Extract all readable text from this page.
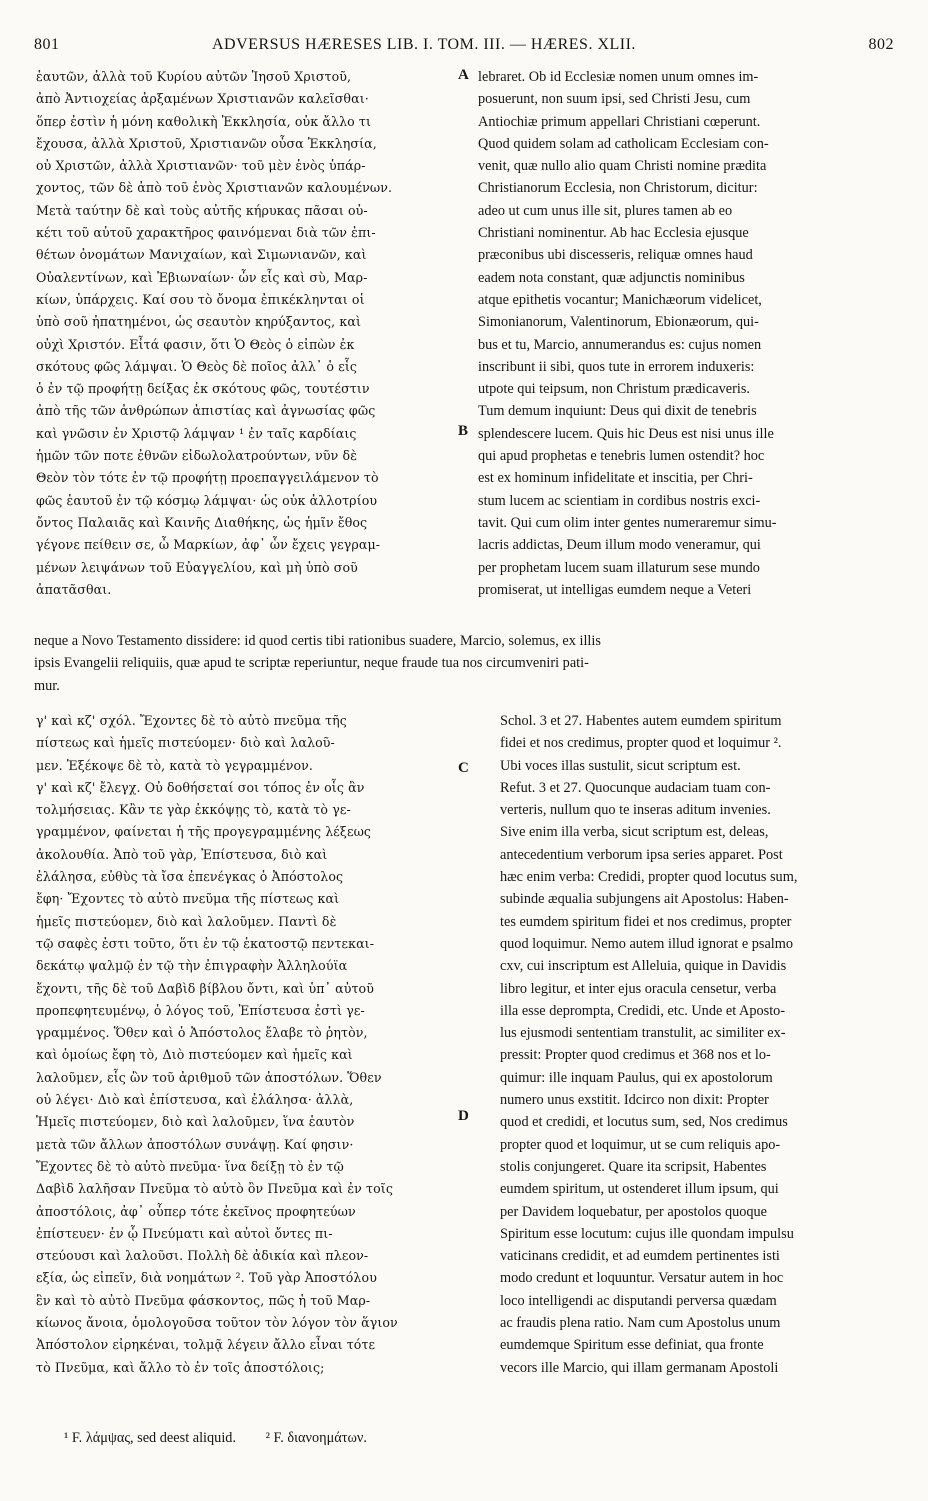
801	ADVERSUS HÆRESES LIB. I. TOM. III. — HÆRES. XLII.	802
ἑαυτῶν, ἀλλὰ τοῦ Κυρίου αὐτῶν Ἰησοῦ Χριστοῦ,
ἀπὸ Ἀντιοχείας ἀρξαμένων Χριστιανῶν καλεῖσθαι·
ὅπερ ἐστὶν ἡ μόνη καθολικὴ Ἐκκλησία, οὐκ ἄλλο τι
ἔχουσα, ἀλλὰ Χριστοῦ, Χριστιανῶν οὖσα Ἐκκλησία,
οὐ Χριστῶν, ἀλλὰ Χριστιανῶν· τοῦ μὲν ἑνὸς ὑπάρ-
χοντος, τῶν δὲ ἀπὸ τοῦ ἑνὸς Χριστιανῶν καλουμένων.
Μετὰ ταύτην δὲ καὶ τοὺς αὐτῆς κήρυκας πᾶσαι οὐ-
κέτι τοῦ αὐτοῦ χαρακτῆρος φαινόμεναι διὰ τῶν ἐπι-
θέτων ὀνομάτων Μανιχαίων, καὶ Σιμωνιανῶν, καὶ
Οὐαλεντίνων, καὶ Ἐβιωναίων· ὧν εἷς καὶ σὺ, Μαρ-
κίων, ὑπάρχεις. Καί σου τὸ ὄνομα ἐπικέκληνται οἱ
ὑπὸ σοῦ ἠπατημένοι, ὡς σεαυτὸν κηρύξαντος, καὶ
οὐχὶ Χριστόν. Εἶτά φασιν, ὅτι Ὁ Θεὸς ὁ εἰπὼν ἐκ
σκότους φῶς λάμψαι. Ὁ Θεὸς δὲ ποῖος ἀλλ᾽ ὁ εἷς
ὁ ἐν τῷ προφήτῃ δείξας ἐκ σκότους φῶς, τουτέστιν
ἀπὸ τῆς τῶν ἀνθρώπων ἀπιστίας καὶ ἀγνωσίας φῶς
καὶ γνῶσιν ἐν Χριστῷ λάμψαν ¹ ἐν ταῖς καρδίαις
ἡμῶν τῶν ποτε ἐθνῶν εἰδωλολατρούντων, νῦν δὲ
Θεὸν τὸν τότε ἐν τῷ προφήτῃ προεπαγγειλάμενον τὸ
φῶς ἑαυτοῦ ἐν τῷ κόσμῳ λάμψαι· ὡς οὐκ ἀλλοτρίου
ὄντος Παλαιᾶς καὶ Καινῆς Διαθήκης, ὡς ἡμῖν ἔθος
γέγονε πείθειν σε, ὦ Μαρκίων, ἀφ᾽ ὧν ἔχεις γεγραμ-
μένων λειψάνων τοῦ Εὐαγγελίου, καὶ μὴ ὑπὸ σοῦ
ἀπατᾶσθαι.
lebraret. Ob id Ecclesiæ nomen unum omnes im-
posuerunt, non suum ipsi, sed Christi Jesu, cum
Antiochiæ primum appellari Christiani cœperunt.
Quod quidem solam ad catholicam Ecclesiam con-
venit, quæ nullo alio quam Christi nomine prædita
Christianorum Ecclesia, non Christorum, dicitur:
adeo ut cum unus ille sit, plures tamen ab eo
Christiani nominentur. Ab hac Ecclesia ejusque
præconibus ubi discesseris, reliquæ omnes haud
eadem nota constant, quæ adjunctis nominibus
atque epithetis vocantur; Manichæorum videlicet,
Simonianorum, Valentinorum, Ebionæorum, qui-
bus et tu, Marcio, annumerandus es: cujus nomen
inscribunt ii sibi, quos tute in errorem induxeris:
utpote qui teipsum, non Christum prædicaveris.
Tum demum inquiunt: Deus qui dixit de tenebris
splendescere lucem. Quis hic Deus est nisi unus ille
qui apud prophetas e tenebris lumen ostendit? hoc
est ex hominum infidelitate et inscitia, per Chri-
stum lucem ac scientiam in cordibus nostris exci-
tavit. Qui cum olim inter gentes numeraremur simu-
lacris addictas, Deum illum modo veneramur, qui
per prophetam lucem suam illaturum sese mundo
promiserat, ut intelligas eumdem neque a Veteri
A
B
C
D
neque a Novo Testamento dissidere: id quod certis tibi rationibus suadere, Marcio, solemus, ex illis
ipsis Evangelii reliquiis, quæ apud te scriptæ reperiuntur, neque fraude tua nos circumveniri pati-
mur.
γ' καὶ κζ' σχόλ. Ἔχοντες δὲ τὸ αὐτὸ πνεῦμα τῆς
πίστεως καὶ ἡμεῖς πιστεύομεν· διὸ καὶ λαλοῦ-
μεν. Ἐξέκοψε δὲ τὸ, κατὰ τὸ γεγραμμένον.
γ' καὶ κζ' ἔλεγχ. Οὐ δοθήσεταί σοι τόπος ἐν οἷς ἂν
τολμήσειας. Κἂν τε γὰρ ἐκκόψῃς τὸ, κατὰ τὸ γε-
γραμμένον, φαίνεται ἡ τῆς προγεγραμμένης λέξεως
ἀκολουθία. Ἀπὸ τοῦ γὰρ, Ἐπίστευσα, διὸ καὶ
ἐλάλησα, εὐθὺς τὰ ἴσα ἐπενέγκας ὁ Ἀπόστολος
ἔφη· Ἔχοντες τὸ αὐτὸ πνεῦμα τῆς πίστεως καὶ
ἡμεῖς πιστεύομεν, διὸ καὶ λαλοῦμεν. Παντὶ δὲ
τῷ σαφὲς ἐστι τοῦτο, ὅτι ἐν τῷ ἑκατοστῷ πεντεκαι-
δεκάτῳ ψαλμῷ ἐν τῷ τὴν ἐπιγραφὴν Ἀλληλούϊα
ἔχοντι, τῆς δὲ τοῦ Δαβὶδ βίβλου ὄντι, καὶ ὑπ᾽ αὐτοῦ
προπεφητευμένῳ, ὁ λόγος τοῦ, Ἐπίστευσα ἐστὶ γε-
γραμμένος. Ὅθεν καὶ ὁ Ἀπόστολος ἔλαβε τὸ ῥητὸν,
καὶ ὁμοίως ἔφη τὸ, Διὸ πιστεύομεν καὶ ἡμεῖς καὶ
λαλοῦμεν, εἷς ὢν τοῦ ἀριθμοῦ τῶν ἀποστόλων. Ὅθεν
οὐ λέγει· Διὸ καὶ ἐπίστευσα, καὶ ἐλάλησα· ἀλλὰ,
Ἡμεῖς πιστεύομεν, διὸ καὶ λαλοῦμεν, ἵνα ἑαυτὸν
μετὰ τῶν ἄλλων ἀποστόλων συνάψῃ. Καί φησιν·
Ἔχοντες δὲ τὸ αὐτὸ πνεῦμα· ἵνα δείξῃ τὸ ἐν τῷ
Δαβὶδ λαλῆσαν Πνεῦμα τὸ αὐτὸ ὂν Πνεῦμα καὶ ἐν τοῖς
ἀποστόλοις, ἀφ᾽ οὗπερ τότε ἐκεῖνος προφητεύων
ἐπίστευεν· ἐν ᾧ Πνεύματι καὶ αὐτοὶ ὄντες πι-
στεύουσι καὶ λαλοῦσι. Πολλὴ δὲ ἀδικία καὶ πλεον-
εξία, ὡς εἰπεῖν, διὰ νοημάτων ². Τοῦ γὰρ Ἀποστόλου
ἓν καὶ τὸ αὐτὸ Πνεῦμα φάσκοντος, πῶς ἡ τοῦ Μαρ-
κίωνος ἄνοια, ὁμολογοῦσα τοῦτον τὸν λόγον τὸν ἅγιον
Ἀπόστολον εἰρηκέναι, τολμᾷ λέγειν ἄλλο εἶναι τότε
τὸ Πνεῦμα, καὶ ἄλλο τὸ ἐν τοῖς ἀποστόλοις;
Schol. 3 et 27. Habentes autem eumdem spiritum
fidei et nos credimus, propter quod et loquimur ².
Ubi voces illas sustulit, sicut scriptum est.
Refut. 3 et 27. Quocunque audaciam tuam con-
verteris, nullum quo te inseras aditum invenies.
Sive enim illa verba, sicut scriptum est, deleas,
antecedentium verborum ipsa series apparet. Post
hæc enim verba: Credidi, propter quod locutus sum,
subinde æqualia subjungens ait Apostolus: Haben-
tes eumdem spiritum fidei et nos credimus, propter
quod loquimur. Nemo autem illud ignorat e psalmo
cxv, cui inscriptum est Alleluia, quique in Davidis
libro legitur, et inter ejus oracula censetur, verba
illa esse deprompta, Credidi, etc. Unde et Aposto-
lus ejusmodi sententiam transtulit, ac similiter ex-
pressit: Propter quod credimus et 368 nos et lo-
quimur: ille inquam Paulus, qui ex apostolorum
numero unus exstitit. Idcirco non dixit: Propter
quod et credidi, et locutus sum, sed, Nos credimus
propter quod et loquimur, ut se cum reliquis apo-
stolis conjungeret. Quare ita scripsit, Habentes
eumdem spiritum, ut ostenderet illum ipsum, qui
per Davidem loquebatur, per apostolos quoque
Spiritum esse locutum: cujus ille quondam impulsu
vaticinans credidit, et ad eumdem pertinentes isti
modo credunt et loquuntur. Versatur autem in hoc
loco intelligendi ac disputandi perversa quædam
ac fraudis plena ratio. Nam cum Apostolus unum
eumdemque Spiritum esse definiat, qua fronte
vecors ille Marcio, qui illam germanam Apostoli
¹ F. λάμψας, sed deest aliquid. ² F. διανοημάτων.
